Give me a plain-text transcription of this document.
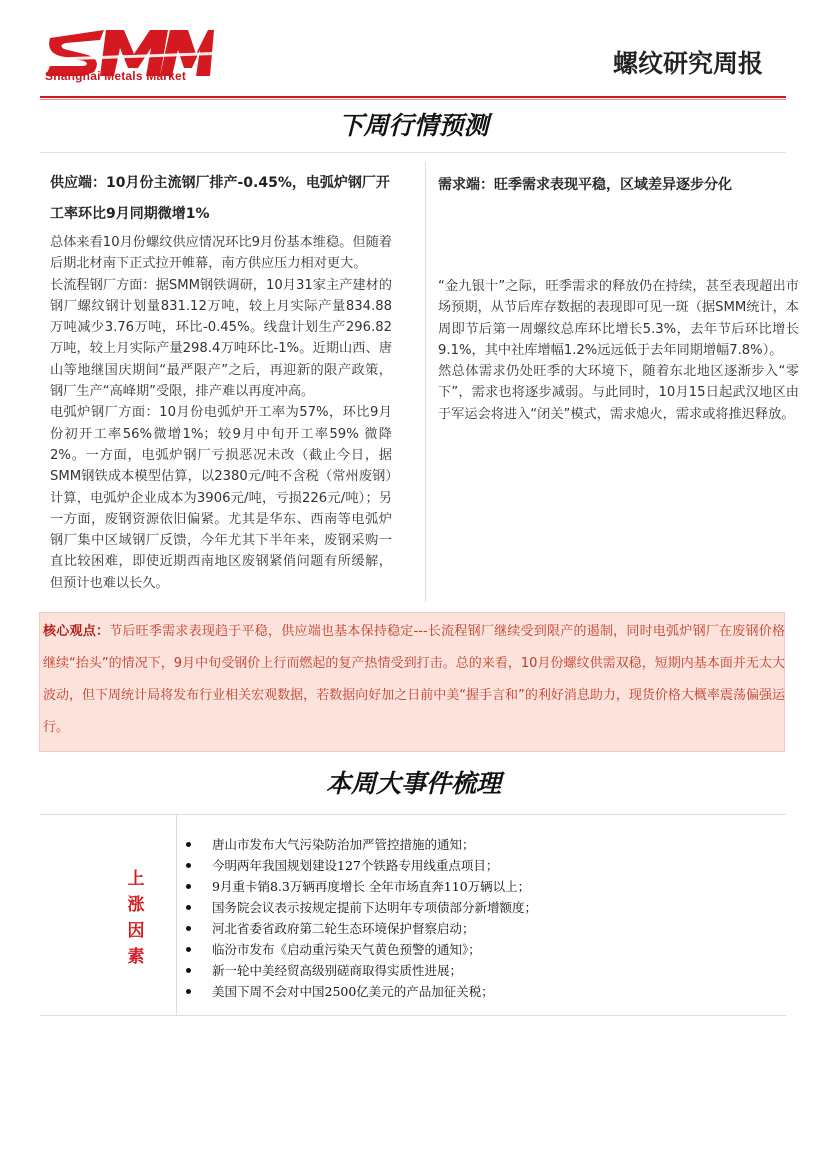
Shanghai Metals Market	螺纹研究周报
下周行情预测
供应端：10月份主流钢厂排产-0.45%，电弧炉钢厂开工率环比9月同期微增1%

总体来看10月份螺纹供应情况环比9月份基本维稳。但随着后期北材南下正式拉开帷幕，南方供应压力相对更大。

长流程钢厂方面：据SMM钢铁调研，10月31家主产建材的钢厂螺纹钢计划量831.12万吨，较上月实际产量834.88万吨减少3.76万吨，环比-0.45%。线盘计划生产296.82万吨，较上月实际产量298.4万吨环比-1%。近期山西、唐山等地继国庆期间“最严限产”之后，再迎新的限产政策，钢厂生产“高峰期”受限，排产难以再度冲高。

电弧炉钢厂方面：10月份电弧炉开工率为57%，环比9月份初开工率56%微增1%；较9月中旬开工率59% 微降2%。一方面，电弧炉钢厂亏损恶况未改（截止今日，据SMM钢铁成本模型估算，以2380元/吨不含税（常州废钢）计算，电弧炉企业成本为3906元/吨，亏损226元/吨）；另一方面，废钢资源依旧偏紧。尤其是华东、西南等电弧炉钢厂集中区域钢厂反馈，今年尤其下半年来，废钢采购一直比较困难，即使近期西南地区废钢紧俏问题有所缓解，但预计也难以长久。

需求端：旺季需求表现平稳，区域差异逐步分化

“金九银十”之际，旺季需求的释放仍在持续，甚至表现超出市场预期，从节后库存数据的表现即可见一斑（据SMM统计，本周即节后第一周螺纹总库环比增长5.3%，去年节后环比增长9.1%，其中社库增幅1.2%远远低于去年同期增幅7.8%）。

然总体需求仍处旺季的大环境下，随着东北地区逐渐步入“零下”，需求也将逐步减弱。与此同时，10月15日起武汉地区由于军运会将进入“闭关”模式，需求熄火，需求或将推迟释放。

核心观点：节后旺季需求表现趋于平稳，供应端也基本保持稳定---长流程钢厂继续受到限产的遏制，同时电弧炉钢厂在废钢价格继续“抬头”的情况下，9月中旬受钢价上行而燃起的复产热情受到打击。总的来看，10月份螺纹供需双稳，短期内基本面并无太大波动，但下周统计局将发布行业相关宏观数据，若数据向好加之日前中美“握手言和”的利好消息助力，现货价格大概率震荡偏强运行。
本周大事件梳理
上
涨
因
素
唐山市发布大气污染防治加严管控措施的通知；
今明两年我国规划建设127个铁路专用线重点项目；
9月重卡销8.3万辆再度增长 全年市场直奔110万辆以上；
国务院会议表示按规定提前下达明年专项债部分新增额度；
河北省委省政府第二轮生态环境保护督察启动；
临汾市发布《启动重污染天气黄色预警的通知》；
新一轮中美经贸高级别磋商取得实质性进展；
美国下周不会对中国2500亿美元的产品加征关税；
